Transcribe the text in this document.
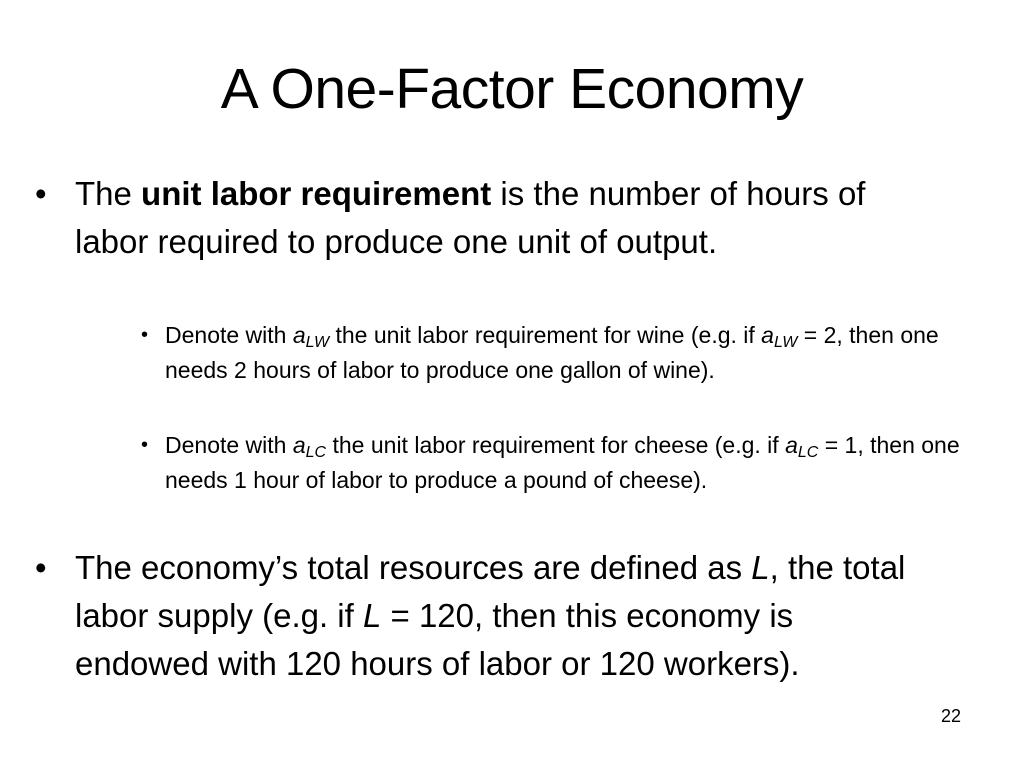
A One-Factor Economy
• The unit labor requirement is the number of hours of labor required to produce one unit of output.
• Denote with $a_{LW}$ the unit labor requirement for wine (e.g. if $a_{LW} = 2$, then one needs 2 hours of labor to produce one gallon of wine).
• Denote with $a_{LC}$ the unit labor requirement for cheese (e.g. if $a_{LC} = 1$, then one needs 1 hour of labor to produce a pound of cheese).
• The economy’s total resources are defined as L, the total labor supply (e.g. if L = 120, then this economy is endowed with 120 hours of labor or 120 workers).
22
